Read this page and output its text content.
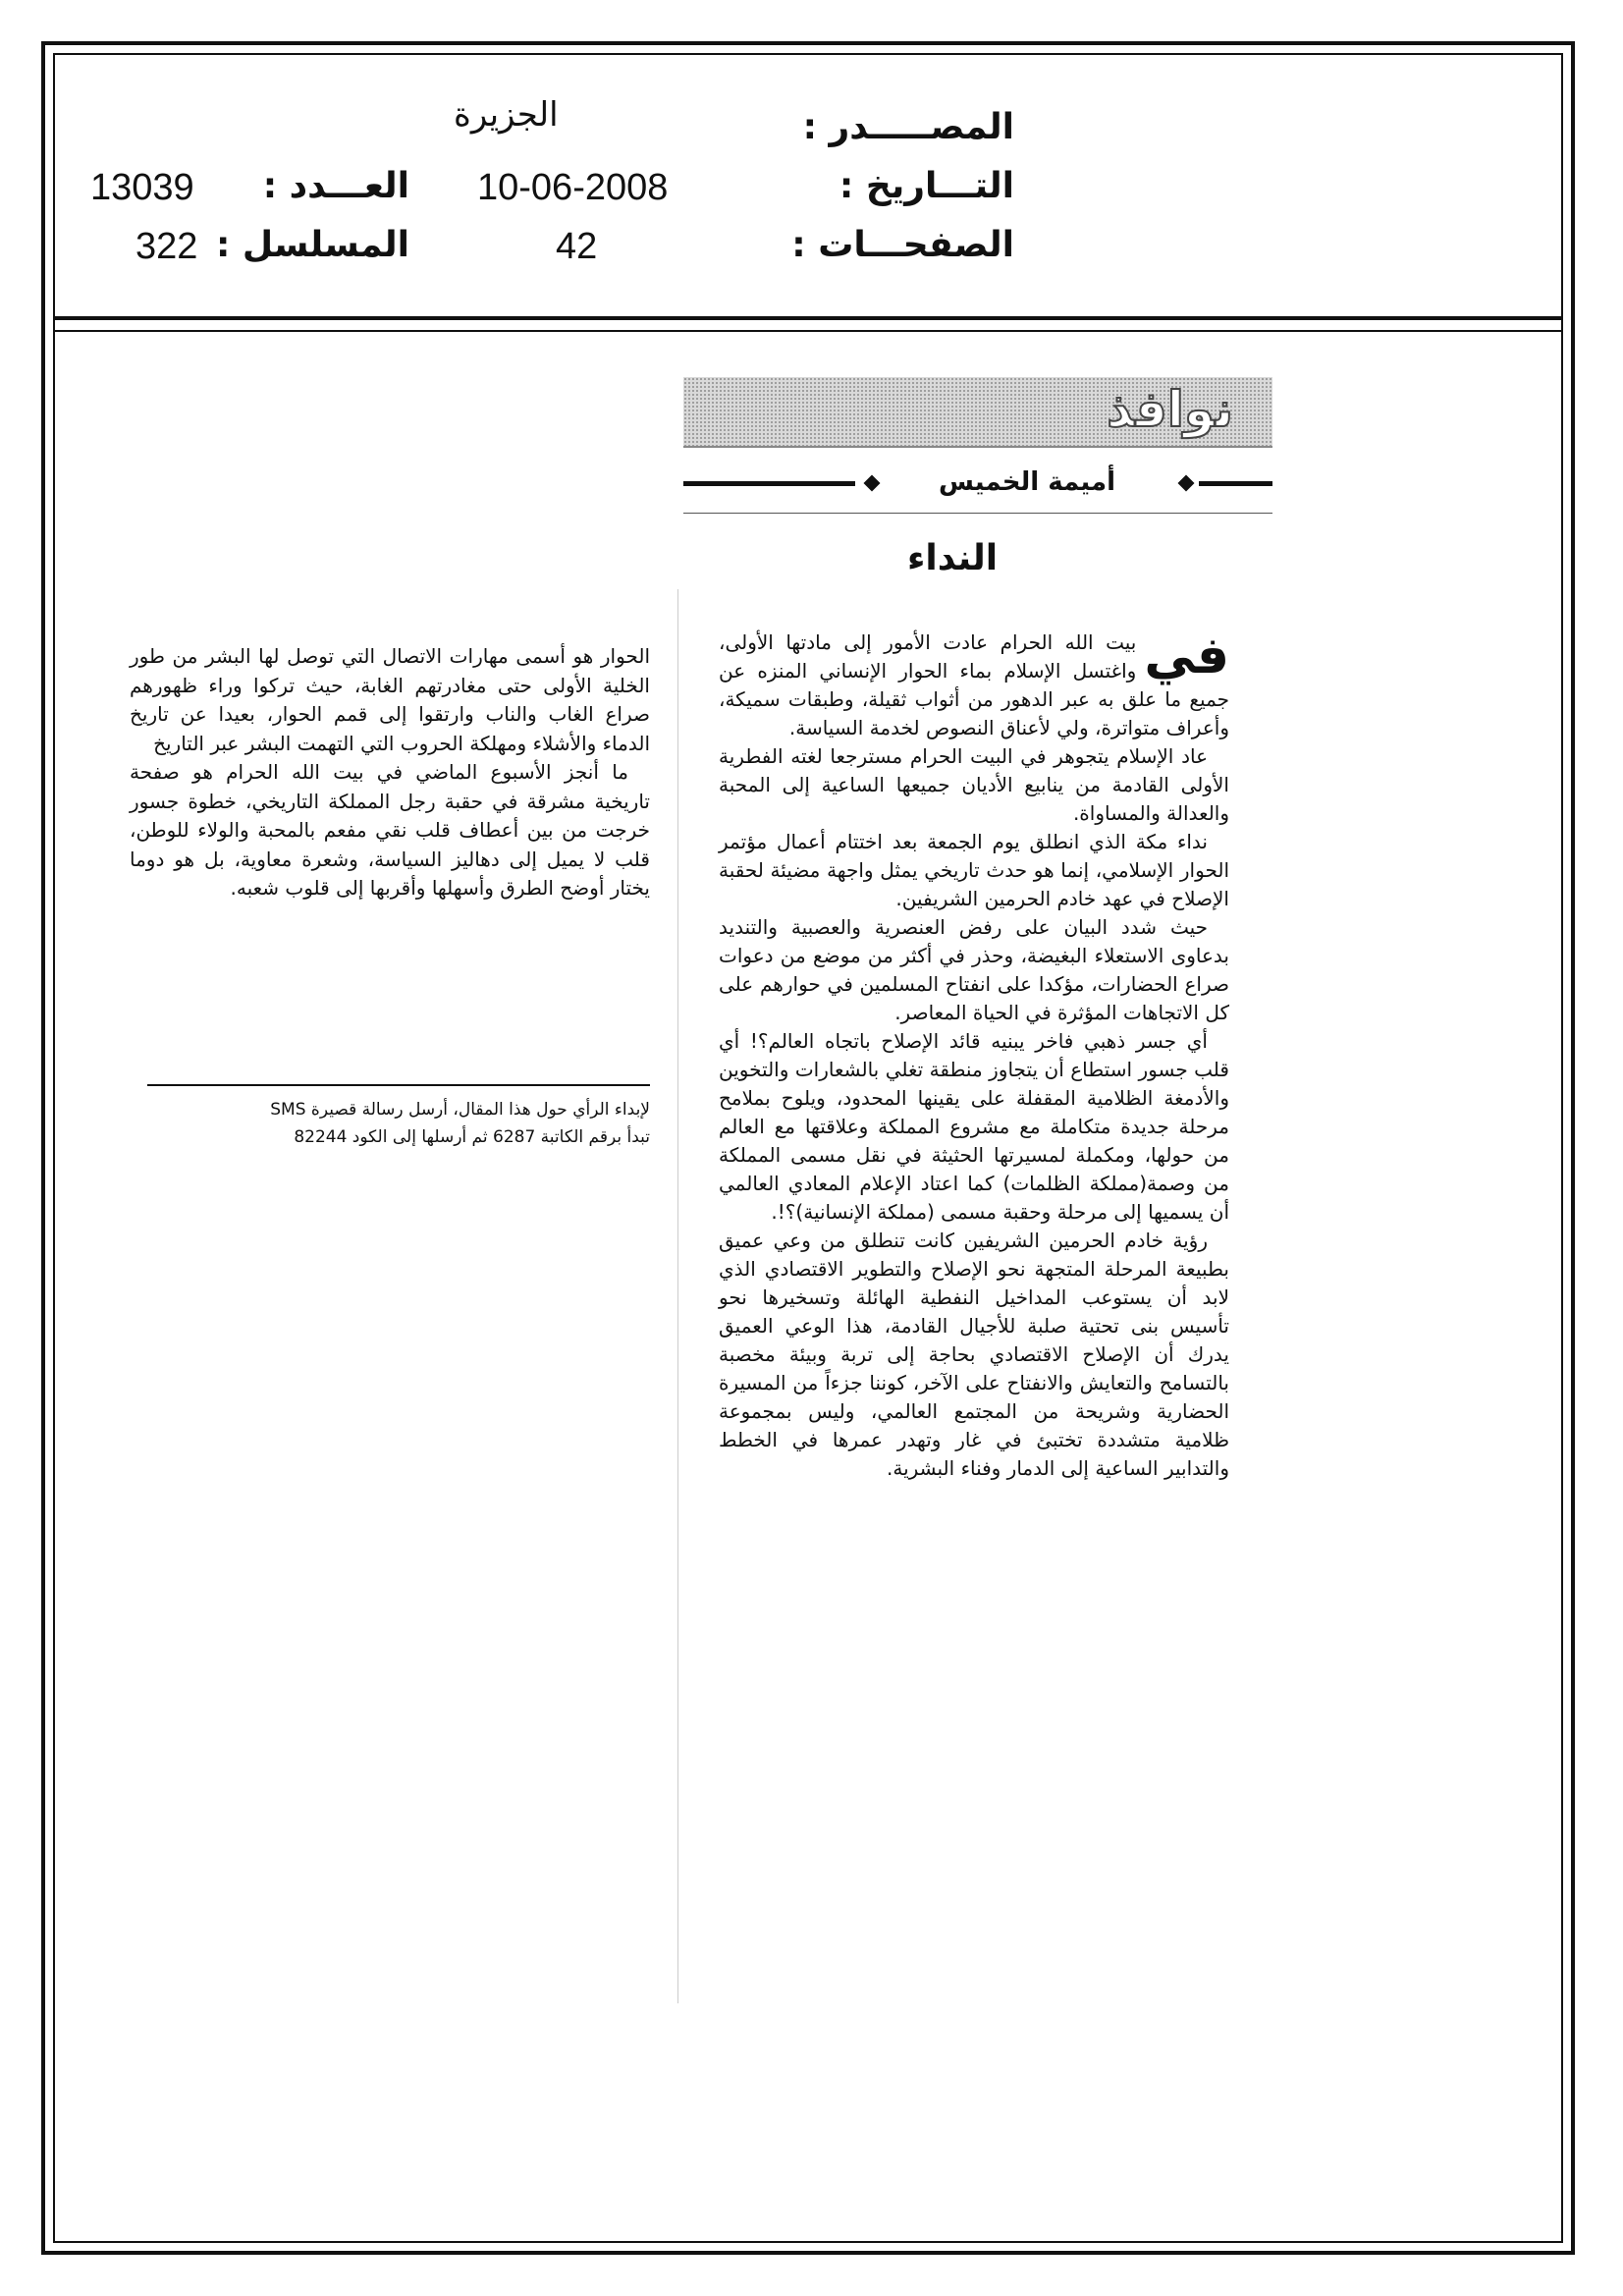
المصـــــدر :
الجزيرة
التـــاريخ :
10-06-2008
العـــدد :
13039
الصفحـــات :
42
المسلسل :
322
نوافذ
أميمة الخميس
النداء

في
بيت الله الحرام عادت الأمور إلى مادتها الأولى، واغتسل الإسلام بماء الحوار الإنساني المنزه عن جميع ما علق به عبر الدهور من أثواب ثقيلة، وطبقات سميكة، وأعراف متواترة، ولي لأعناق النصوص لخدمة السياسة.

عاد الإسلام يتجوهر في البيت الحرام مسترجعا لغته الفطرية الأولى القادمة من ينابيع الأديان جميعها الساعية إلى المحبة والعدالة والمساواة.

نداء مكة الذي انطلق يوم الجمعة بعد اختتام أعمال مؤتمر الحوار الإسلامي، إنما هو حدث تاريخي يمثل واجهة مضيئة لحقبة الإصلاح في عهد خادم الحرمين الشريفين.

حيث شدد البيان على رفض العنصرية والعصبية والتنديد بدعاوى الاستعلاء البغيضة، وحذر في أكثر من موضع من دعوات صراع الحضارات، مؤكدا على انفتاح المسلمين في حوارهم على كل الاتجاهات المؤثرة في الحياة المعاصر.

أي جسر ذهبي فاخر يبنيه قائد الإصلاح باتجاه العالم؟! أي قلب جسور استطاع أن يتجاوز منطقة تغلي بالشعارات والتخوين والأدمغة الظلامية المقفلة على يقينها المحدود، ويلوح بملامح مرحلة جديدة متكاملة مع مشروع المملكة وعلاقتها مع العالم من حولها، ومكملة لمسيرتها الحثيثة في نقل مسمى المملكة من وصمة(مملكة الظلمات) كما اعتاد الإعلام المعادي العالمي أن يسميها إلى مرحلة وحقبة مسمى (مملكة الإنسانية)؟!.

رؤية خادم الحرمين الشريفين كانت تنطلق من وعي عميق بطبيعة المرحلة المتجهة نحو الإصلاح والتطوير الاقتصادي الذي لابد أن يستوعب المداخيل النفطية الهائلة وتسخيرها نحو تأسيس بنى تحتية صلبة للأجيال القادمة، هذا الوعي العميق يدرك أن الإصلاح الاقتصادي بحاجة إلى تربة وبيئة مخصبة بالتسامح والتعايش والانفتاح على الآخر، كوننا جزءاً من المسيرة الحضارية وشريحة من المجتمع العالمي، وليس بمجموعة ظلامية متشددة تختبئ في غار وتهدر عمرها في الخطط والتدابير الساعية إلى الدمار وفناء البشرية.

الحوار هو أسمى مهارات الاتصال التي توصل لها البشر من طور الخلية الأولى حتى مغادرتهم الغابة، حيث تركوا وراء ظهورهم صراع الغاب والناب وارتقوا إلى قمم الحوار، بعيدا عن تاريخ الدماء والأشلاء ومهلكة الحروب التي التهمت البشر عبر التاريخ

ما أنجز الأسبوع الماضي في بيت الله الحرام هو صفحة تاريخية مشرقة في حقبة رجل المملكة التاريخي، خطوة جسور خرجت من بين أعطاف قلب نقي مفعم بالمحبة والولاء للوطن، قلب لا يميل إلى دهاليز السياسة، وشعرة معاوية، بل هو دوما يختار أوضح الطرق وأسهلها وأقربها إلى قلوب شعبه.

لإبداء الرأي حول هذا المقال، أرسل رسالة قصيرة SMS

تبدأ برقم الكاتبة 6287 ثم أرسلها إلى الكود 82244
